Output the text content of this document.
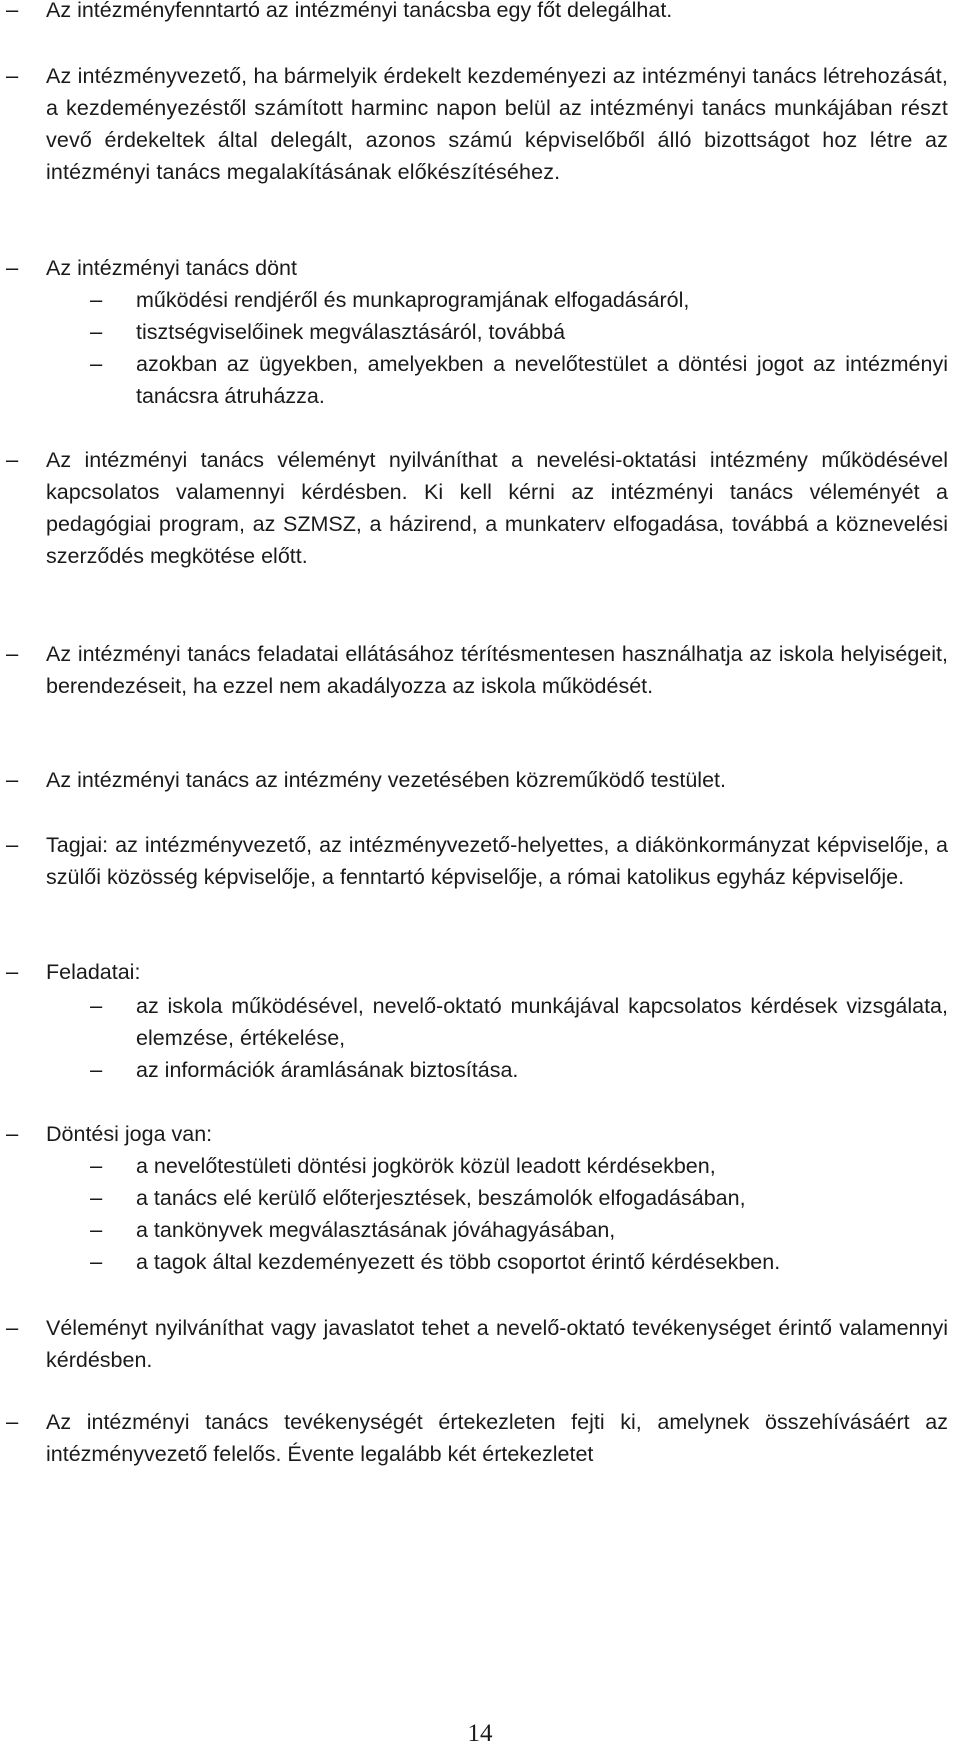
– Az intézményfenntartó az intézményi tanácsba egy főt delegálhat.
– Az intézményvezető, ha bármelyik érdekelt kezdeményezi az intézményi tanács létrehozását, a kezdeményezéstől számított harminc napon belül az intézményi tanács munkájában részt vevő érdekeltek által delegált, azonos számú képviselőből álló bizottságot hoz létre az intézményi tanács megalakításának előkészítéséhez.
– Az intézményi tanács dönt
– működési rendjéről és munkaprogramjának elfogadásáról,
– tisztségviselőinek megválasztásáról, továbbá
– azokban az ügyekben, amelyekben a nevelőtestület a döntési jogot az intézményi tanácsra átruházza.
– Az intézményi tanács véleményt nyilváníthat a nevelési-oktatási intézmény működésével kapcsolatos valamennyi kérdésben. Ki kell kérni az intézményi tanács véleményét a pedagógiai program, az SZMSZ, a házirend, a munkaterv elfogadása, továbbá a köznevelési szerződés megkötése előtt.
– Az intézményi tanács feladatai ellátásához térítésmentesen használhatja az iskola helyiségeit, berendezéseit, ha ezzel nem akadályozza az iskola működését.
– Az intézményi tanács az intézmény vezetésében közreműködő testület.
– Tagjai: az intézményvezető, az intézményvezető-helyettes, a diákönkormányzat képviselője, a szülői közösség képviselője, a fenntartó képviselője, a római katolikus egyház képviselője.
– Feladatai:
– az iskola működésével, nevelő-oktató munkájával kapcsolatos kérdések vizsgálata, elemzése, értékelése,
– az információk áramlásának biztosítása.
– Döntési joga van:
– a nevelőtestületi döntési jogkörök közül leadott kérdésekben,
– a tanács elé kerülő előterjesztések, beszámolók elfogadásában,
– a tankönyvek megválasztásának jóváhagyásában,
– a tagok által kezdeményezett és több csoportot érintő kérdésekben.
– Véleményt nyilváníthat vagy javaslatot tehet a nevelő-oktató tevékenységet érintő valamennyi kérdésben.
– Az intézményi tanács tevékenységét értekezleten fejti ki, amelynek összehívásáért az intézményvezető felelős. Évente legalább két értekezletet
14
